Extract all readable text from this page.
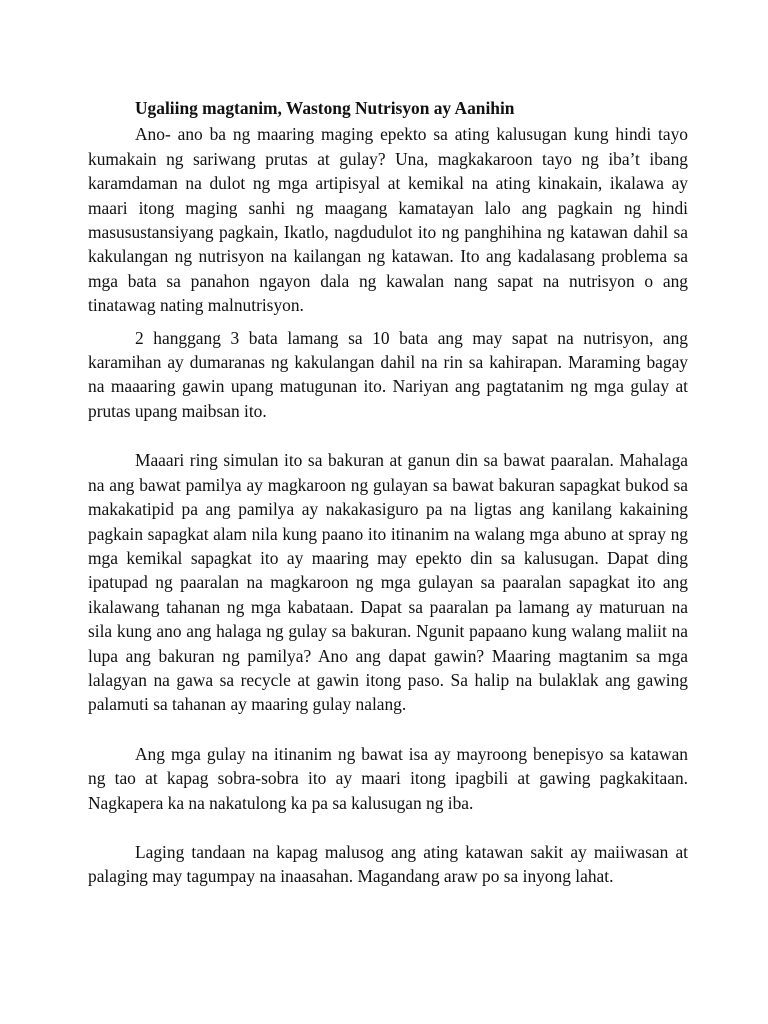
Ugaliing magtanim, Wastong Nutrisyon ay Aanihin

Ano- ano ba ng maaring maging epekto sa ating kalusugan kung hindi tayo kumakain ng sariwang prutas at gulay? Una, magkakaroon tayo ng iba’t ibang karamdaman na dulot ng mga artipisyal at kemikal na ating kinakain, ikalawa ay maari itong maging sanhi ng maagang kamatayan lalo ang pagkain ng hindi masusustansiyang pagkain, Ikatlo, nagdudulot ito ng panghihina ng katawan dahil sa kakulangan ng nutrisyon na kailangan ng katawan. Ito ang kadalasang problema sa mga bata sa panahon ngayon dala ng kawalan nang sapat na nutrisyon o ang tinatawag nating malnutrisyon.

2 hanggang 3 bata lamang sa 10 bata ang may sapat na nutrisyon, ang karamihan ay dumaranas ng kakulangan dahil na rin sa kahirapan. Maraming bagay na maaaring gawin upang matugunan ito. Nariyan ang pagtatanim ng mga gulay at prutas upang maibsan ito.

Maaari ring simulan ito sa bakuran at ganun din sa bawat paaralan. Mahalaga na ang bawat pamilya ay magkaroon ng gulayan sa bawat bakuran sapagkat bukod sa makakatipid pa ang pamilya ay nakakasiguro pa na ligtas ang kanilang kakaining pagkain sapagkat alam nila kung paano ito itinanim na walang mga abuno at spray ng mga kemikal sapagkat ito ay maaring may epekto din sa kalusugan. Dapat ding ipatupad ng paaralan na magkaroon ng mga gulayan sa paaralan sapagkat ito ang ikalawang tahanan ng mga kabataan. Dapat sa paaralan pa lamang ay maturuan na sila kung ano ang halaga ng gulay sa bakuran. Ngunit papaano kung walang maliit na lupa ang bakuran ng pamilya? Ano ang dapat gawin? Maaring magtanim sa mga lalagyan na gawa sa recycle at gawin itong paso. Sa halip na bulaklak ang gawing palamuti sa tahanan ay maaring gulay nalang.

Ang mga gulay na itinanim ng bawat isa ay mayroong benepisyo sa katawan ng tao at kapag sobra-sobra ito ay maari itong ipagbili at gawing pagkakitaan. Nagkapera ka na nakatulong ka pa sa kalusugan ng iba.

Laging tandaan na kapag malusog ang ating katawan sakit ay maiiwasan at palaging may tagumpay na inaasahan. Magandang araw po sa inyong lahat.
